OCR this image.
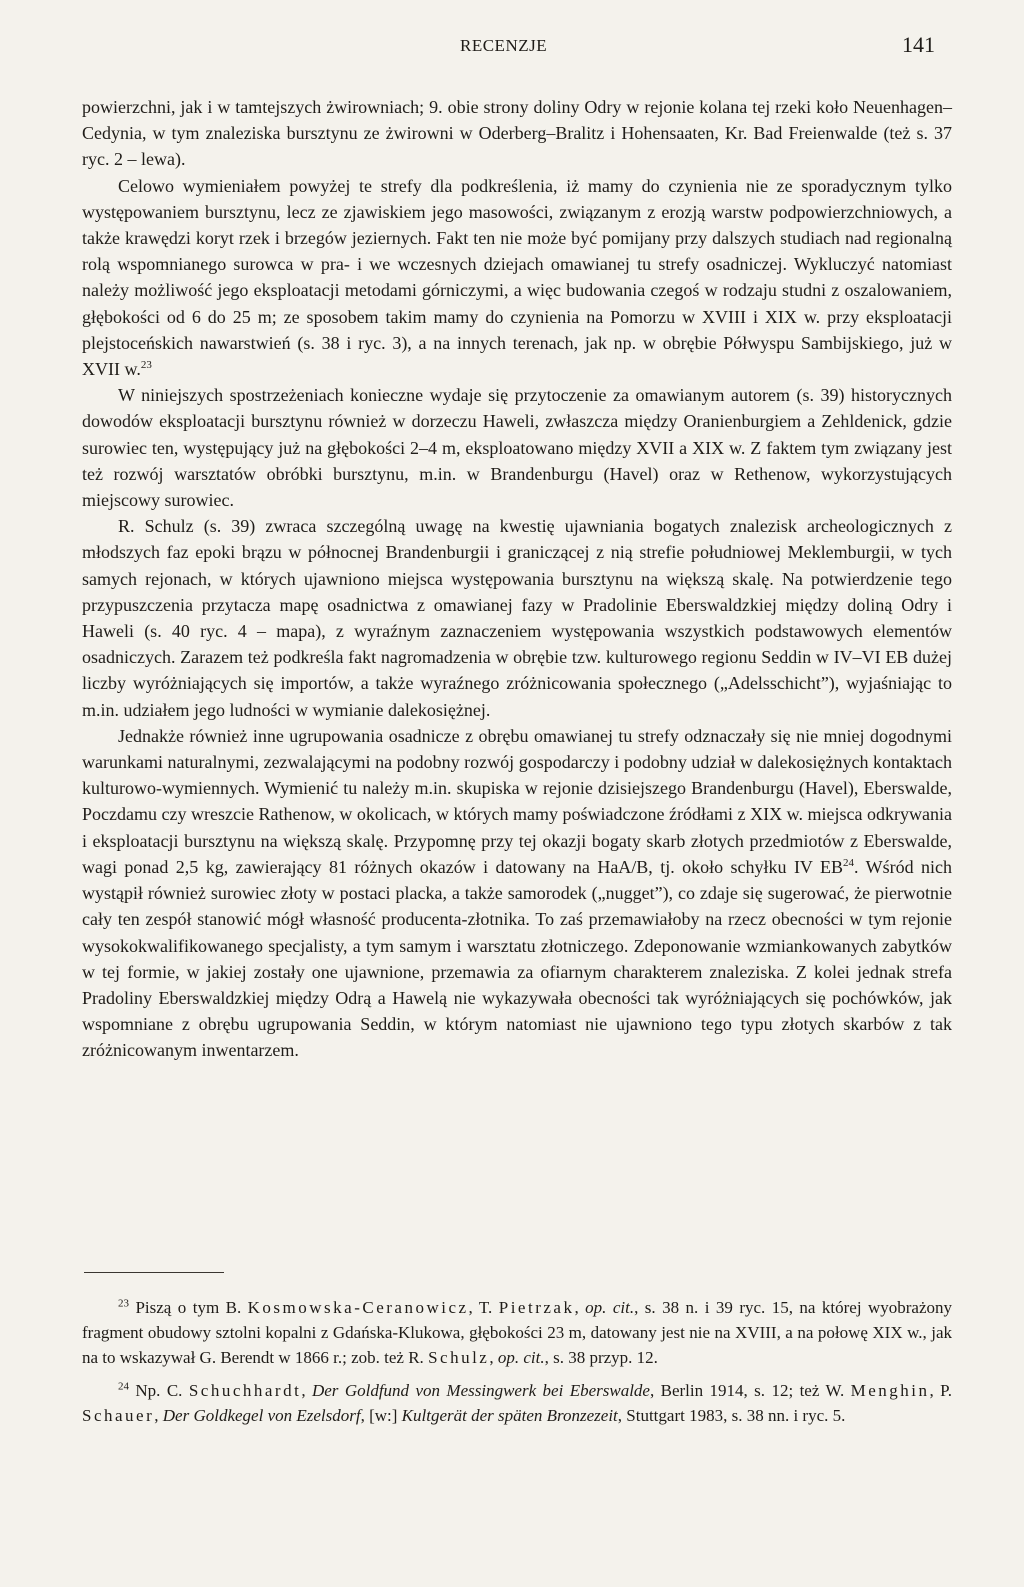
RECENZJE	141

powierzchni, jak i w tamtejszych żwirowniach; 9. obie strony doliny Odry w rejonie kolana tej rzeki koło Neuenhagen–Cedynia, w tym znaleziska bursztynu ze żwirowni w Oderberg–Bralitz i Hohensaaten, Kr. Bad Freienwalde (też s. 37 ryc. 2 – lewa).

Celowo wymieniałem powyżej te strefy dla podkreślenia, iż mamy do czynienia nie ze sporadycznym tylko występowaniem bursztynu, lecz ze zjawiskiem jego masowości, związanym z erozją warstw podpowierzchniowych, a także krawędzi koryt rzek i brzegów jeziernych. Fakt ten nie może być pomijany przy dalszych studiach nad regionalną rolą wspomnianego surowca w pra- i we wczesnych dziejach omawianej tu strefy osadniczej. Wykluczyć natomiast należy możliwość jego eksploatacji metodami górniczymi, a więc budowania czegoś w rodzaju studni z oszalowaniem, głębokości od 6 do 25 m; ze sposobem takim mamy do czynienia na Pomorzu w XVIII i XIX w. przy eksploatacji plejstoceńskich nawarstwień (s. 38 i ryc. 3), a na innych terenach, jak np. w obrębie Półwyspu Sambijskiego, już w XVII w.$^{23}$

W niniejszych spostrzeżeniach konieczne wydaje się przytoczenie za omawianym autorem (s. 39) historycznych dowodów eksploatacji bursztynu również w dorzeczu Haweli, zwłaszcza między Oranienburgiem a Zehldenick, gdzie surowiec ten, występujący już na głębokości 2–4 m, eksploatowano między XVII a XIX w. Z faktem tym związany jest też rozwój warsztatów obróbki bursztynu, m.in. w Brandenburgu (Havel) oraz w Rethenow, wykorzystujących miejscowy surowiec.

R. Schulz (s. 39) zwraca szczególną uwagę na kwestię ujawniania bogatych znalezisk archeologicznych z młodszych faz epoki brązu w północnej Brandenburgii i graniczącej z nią strefie południowej Meklemburgii, w tych samych rejonach, w których ujawniono miejsca występowania bursztynu na większą skalę. Na potwierdzenie tego przypuszczenia przytacza mapę osadnictwa z omawianej fazy w Pradolinie Eberswaldzkiej między doliną Odry i Haweli (s. 40 ryc. 4 – mapa), z wyraźnym zaznaczeniem występowania wszystkich podstawowych elementów osadniczych. Zarazem też podkreśla fakt nagromadzenia w obrębie tzw. kulturowego regionu Seddin w IV–VI EB dużej liczby wyróżniających się importów, a także wyraźnego zróżnicowania społecznego („Adelsschicht”), wyjaśniając to m.in. udziałem jego ludności w wymianie dalekosiężnej.

Jednakże również inne ugrupowania osadnicze z obrębu omawianej tu strefy odznaczały się nie mniej dogodnymi warunkami naturalnymi, zezwalającymi na podobny rozwój gospodarczy i podobny udział w dalekosiężnych kontaktach kulturowo-wymiennych. Wymienić tu należy m.in. skupiska w rejonie dzisiejszego Brandenburgu (Havel), Eberswalde, Poczdamu czy wreszcie Rathenow, w okolicach, w których mamy poświadczone źródłami z XIX w. miejsca odkrywania i eksploatacji bursztynu na większą skalę. Przypomnę przy tej okazji bogaty skarb złotych przedmiotów z Eberswalde, wagi ponad 2,5 kg, zawierający 81 różnych okazów i datowany na HaA/B, tj. około schyłku IV EB$^{24}$. Wśród nich wystąpił również surowiec złoty w postaci placka, a także samorodek („nugget”), co zdaje się sugerować, że pierwotnie cały ten zespół stanowić mógł własność producenta-złotnika. To zaś przemawiałoby na rzecz obecności w tym rejonie wysokokwalifikowanego specjalisty, a tym samym i warsztatu złotniczego. Zdeponowanie wzmiankowanych zabytków w tej formie, w jakiej zostały one ujawnione, przemawia za ofiarnym charakterem znaleziska. Z kolei jednak strefa Pradoliny Eberswaldzkiej między Odrą a Hawelą nie wykazywała obecności tak wyróżniających się pochówków, jak wspomniane z obrębu ugrupowania Seddin, w którym natomiast nie ujawniono tego typu złotych skarbów z tak zróżnicowanym inwentarzem.

$^{23}$ Piszą o tym B. Kosmowska-Ceranowicz, T. Pietrzak, op. cit., s. 38 n. i 39 ryc. 15, na której wyobrażony fragment obudowy sztolni kopalni z Gdańska-Klukowa, głębokości 23 m, datowany jest nie na XVIII, a na połowę XIX w., jak na to wskazywał G. Berendt w 1866 r.; zob. też R. Schulz, op. cit., s. 38 przyp. 12.

$^{24}$ Np. C. Schuchhardt, Der Goldfund von Messingwerk bei Eberswalde, Berlin 1914, s. 12; też W. Menghin, P. Schauer, Der Goldkegel von Ezelsdorf, [w:] Kultgerät der späten Bronzezeit, Stuttgart 1983, s. 38 nn. i ryc. 5.
